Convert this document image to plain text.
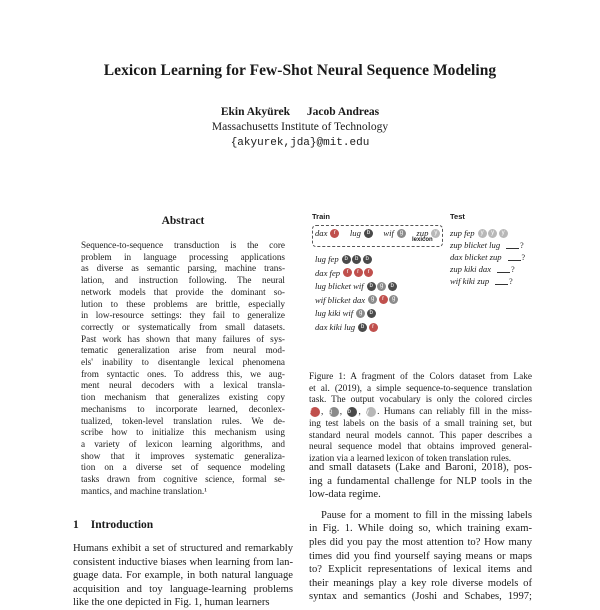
Lexicon Learning for Few-Shot Neural Sequence Modeling
Ekin Akyürek Jacob Andreas
Massachusetts Institute of Technology
{akyurek,jda}@mit.edu
Abstract
Sequence-to-sequence transduction is the core
problem in language processing applications
as diverse as semantic parsing, machine trans-
lation, and instruction following. The neural
network models that provide the dominant so-
lution to these problems are brittle, especially
in low-resource settings: they fail to generalize
correctly or systematically from small datasets.
Past work has shown that many failures of sys-
tematic generalization arise from neural mod-
els' inability to disentangle lexical phenomena
from syntactic ones. To address this, we aug-
ment neural decoders with a lexical transla-
tion mechanism that generalizes existing copy
mechanisms to incorporate learned, deconlex-
tualized, token-level translation rules. We de-
scribe how to initialize this mechanism using
a variety of lexicon learning algorithms, and
show that it improves systematic generaliza-
tion on a diverse set of sequence modeling
tasks drawn from cognitive science, formal se-
mantics, and machine translation.¹
1 Introduction
Humans exhibit a set of structured and remarkably
consistent inductive biases when learning from lan-
guage data. For example, in both natural language
acquisition and toy language-learning problems
like the one depicted in Fig. 1, human learners
Train	Test
lexicon
dax	r	lug b	wif g	zup	y
lug fep b	b	b
dax fep	r	r	r
lug blicket wif b	g	b
wif blicket dax g	r	g
lug kiki wif g	b
dax kiki lug b	r
zup fep	y	y	y
zup blicket lug	?
dax blicket zup	?
zup kiki dax	?
wif kiki zup	?
Figure 1: A fragment of the Colors dataset from Lake
et al. (2019), a simple sequence-to-sequence translation
task. The output vocabulary is only the colored circles
r , g , b , y . Humans can reliably fill in the miss-
ing test labels on the basis of a small training set, but
standard neural models cannot. This paper describes a
neural sequence model that obtains improved general-
ization via a learned lexicon of token translation rules.
and small datasets (Lake and Baroni, 2018), pos-
ing a fundamental challenge for NLP tools in the
low-data regime.
Pause for a moment to fill in the missing labels
in Fig. 1. While doing so, which training exam-
ples did you pay the most attention to? How many
times did you find yourself saying means or maps
to? Explicit representations of lexical items and
their meanings play a key role diverse models of
syntax and semantics (Joshi and Schabes, 1997;
